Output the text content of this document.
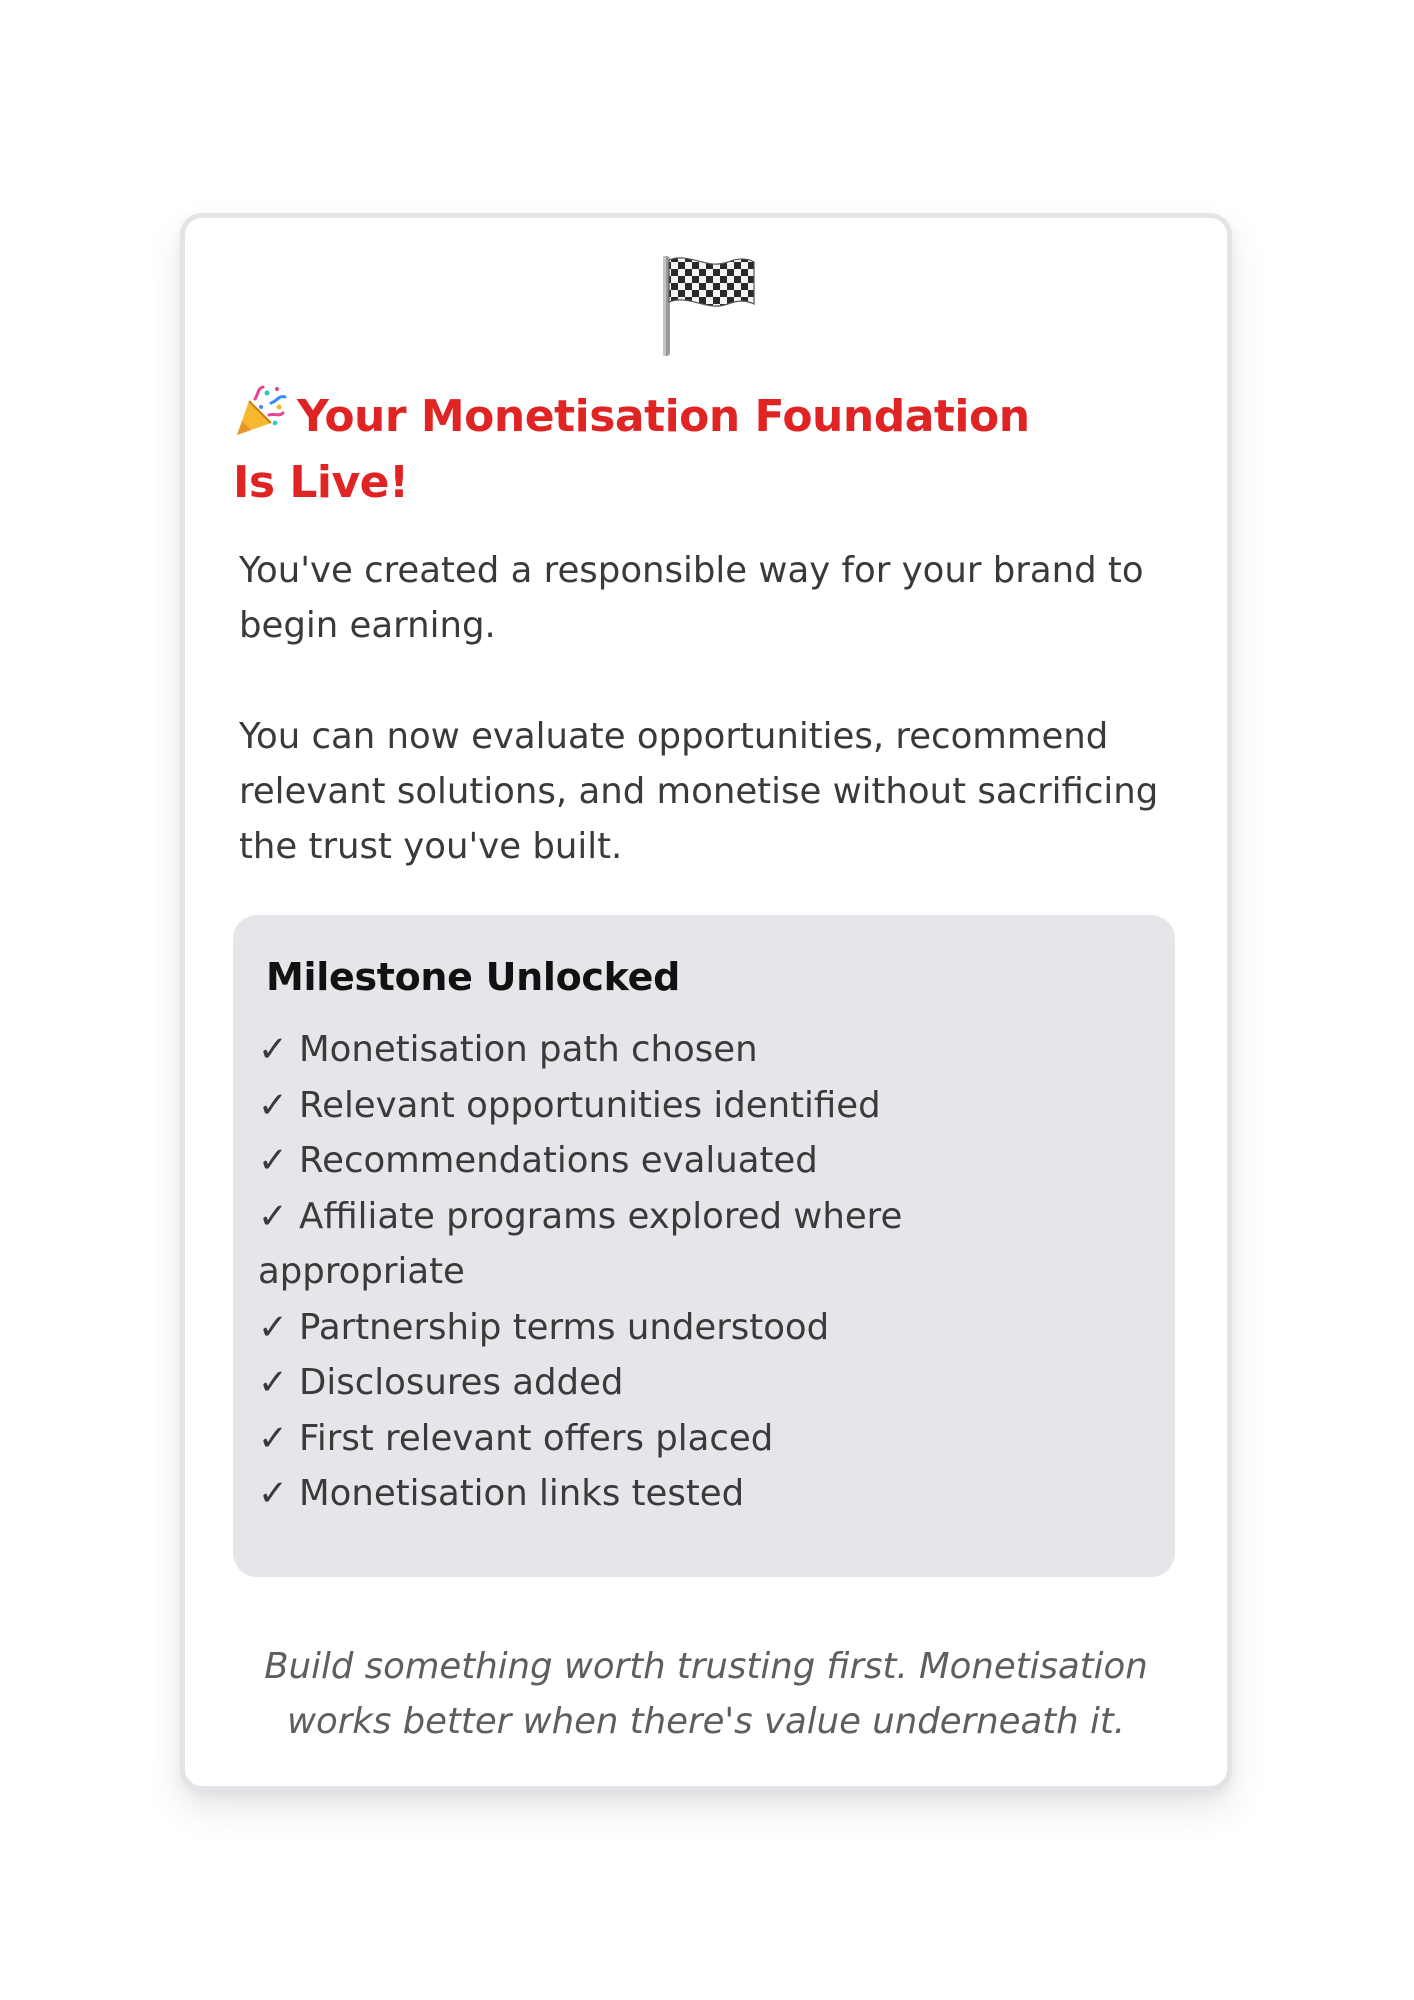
Your Monetisation Foundation
Is Live!

You've created a responsible way for your brand to begin earning.

You can now evaluate opportunities, recommend relevant solutions, and monetise without sacrificing the trust you've built.

Milestone Unlocked
✓ Monetisation path chosen
✓ Relevant opportunities identified
✓ Recommendations evaluated
✓ Affiliate programs explored where appropriate
✓ Partnership terms understood
✓ Disclosures added
✓ First relevant offers placed
✓ Monetisation links tested

Build something worth trusting first. Monetisation works better when there's value underneath it.
